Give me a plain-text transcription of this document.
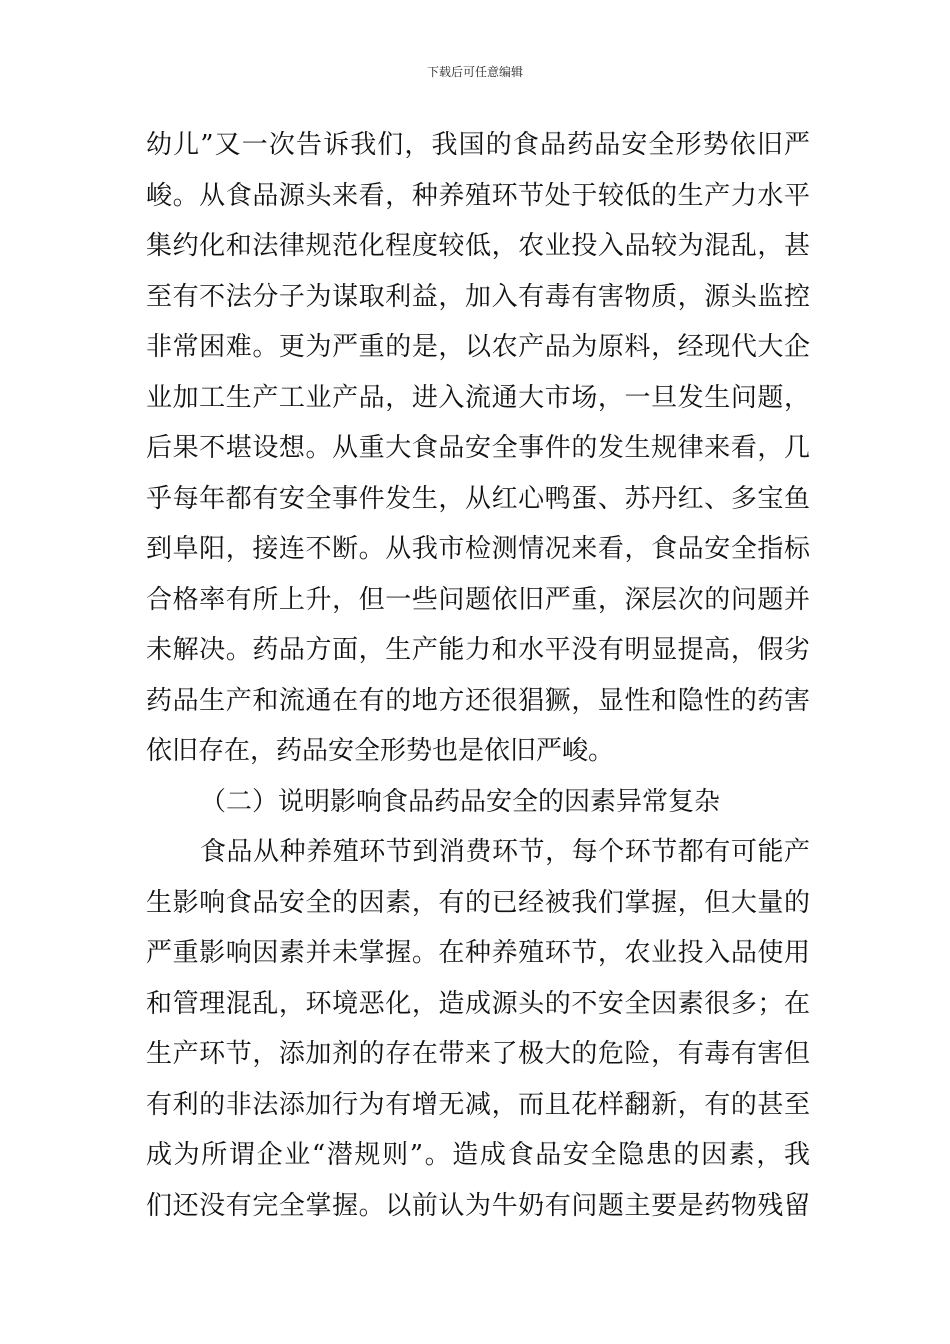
下载后可任意编辑
幼儿”又一次告诉我们，我国的食品药品安全形势依旧严
峻。从食品源头来看，种养殖环节处于较低的生产力水平
集约化和法律规范化程度较低，农业投入品较为混乱，甚
至有不法分子为谋取利益，加入有毒有害物质，源头监控
非常困难。更为严重的是，以农产品为原料，经现代大企
业加工生产工业产品，进入流通大市场，一旦发生问题，
后果不堪设想。从重大食品安全事件的发生规律来看，几
乎每年都有安全事件发生，从红心鸭蛋、苏丹红、多宝鱼
到阜阳，接连不断。从我市检测情况来看，食品安全指标
合格率有所上升，但一些问题依旧严重，深层次的问题并
未解决。药品方面，生产能力和水平没有明显提高，假劣
药品生产和流通在有的地方还很猖獗，显性和隐性的药害
依旧存在，药品安全形势也是依旧严峻。
（二）说明影响食品药品安全的因素异常复杂
食品从种养殖环节到消费环节，每个环节都有可能产
生影响食品安全的因素，有的已经被我们掌握，但大量的
严重影响因素并未掌握。在种养殖环节，农业投入品使用
和管理混乱，环境恶化，造成源头的不安全因素很多；在
生产环节，添加剂的存在带来了极大的危险，有毒有害但
有利的非法添加行为有增无减，而且花样翻新，有的甚至
成为所谓企业“潜规则”。造成食品安全隐患的因素，我
们还没有完全掌握。以前认为牛奶有问题主要是药物残留
